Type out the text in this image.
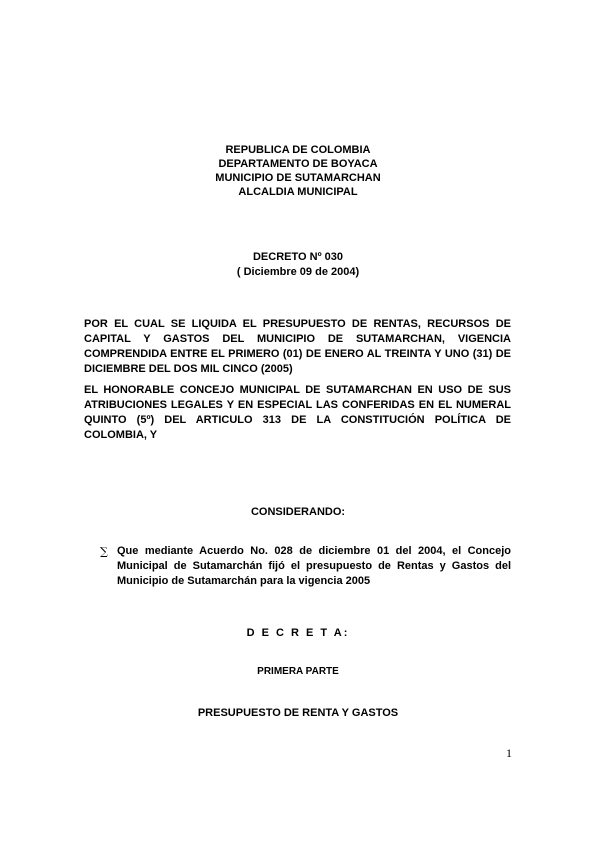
REPUBLICA DE COLOMBIA
DEPARTAMENTO DE BOYACA
MUNICIPIO DE SUTAMARCHAN
ALCALDIA MUNICIPAL
DECRETO Nº 030
( Diciembre 09 de 2004)
POR EL CUAL SE LIQUIDA EL PRESUPUESTO DE RENTAS, RECURSOS DE CAPITAL Y GASTOS DEL MUNICIPIO DE SUTAMARCHAN, VIGENCIA COMPRENDIDA ENTRE EL PRIMERO (01) DE ENERO AL TREINTA Y UNO (31) DE DICIEMBRE DEL DOS MIL CINCO (2005)
EL HONORABLE CONCEJO MUNICIPAL DE SUTAMARCHAN EN USO DE SUS ATRIBUCIONES LEGALES Y EN ESPECIAL LAS CONFERIDAS EN EL NUMERAL QUINTO (5º) DEL ARTICULO 313 DE LA CONSTITUCIÓN POLÍTICA DE COLOMBIA, Y
CONSIDERANDO:
∑ Que mediante Acuerdo No. 028 de diciembre 01 del 2004, el Concejo Municipal de Sutamarchán fijó el presupuesto de Rentas y Gastos del Municipio de Sutamarchán para la vigencia 2005
D E C R E T A:
PRIMERA PARTE
PRESUPUESTO DE RENTA Y GASTOS
1
